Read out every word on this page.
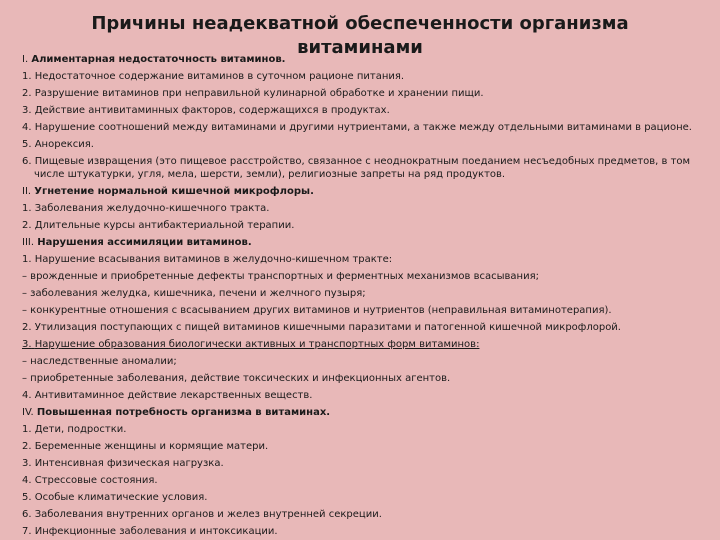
Причины неадекватной обеспеченности организма витаминами
I. Алиментарная недостаточность витаминов.
1. Недостаточное содержание витаминов в суточном рационе питания.
2. Разрушение витаминов при неправильной кулинарной обработке и хранении пищи.
3. Действие антивитаминных факторов, содержащихся в продуктах.
4. Нарушение соотношений между витаминами и другими нутриентами, а также между отдельными витаминами в рационе.
5. Анорексия.
6. Пищевые извращения (это пищевое расстройство, связанное с неоднократным поеданием несъедобных предметов, в том
числе штукатурки, угля, мела, шерсти, земли), религиозные запреты на ряд продуктов.
II. Угнетение нормальной кишечной микрофлоры.
1. Заболевания желудочно-кишечного тракта.
2. Длительные курсы антибактериальной терапии.
III. Нарушения ассимиляции витаминов.
1. Нарушение всасывания витаминов в желудочно-кишечном тракте:
– врожденные и приобретенные дефекты транспортных и ферментных механизмов всасывания;
– заболевания желудка, кишечника, печени и желчного пузыря;
– конкурентные отношения с всасыванием других витаминов и нутриентов (неправильная витаминотерапия).
2. Утилизация поступающих с пищей витаминов кишечными паразитами и патогенной кишечной микрофлорой.
3. Нарушение образования биологически активных и транспортных форм витаминов:
– наследственные аномалии;
– приобретенные заболевания, действие токсических и инфекционных агентов.
4. Антивитаминное действие лекарственных веществ.
IV. Повышенная потребность организма в витаминах.
1. Дети, подростки.
2. Беременные женщины и кормящие матери.
3. Интенсивная физическая нагрузка.
4. Стрессовые состояния.
5. Особые климатические условия.
6. Заболевания внутренних органов и желез внутренней секреции.
7. Инфекционные заболевания и интоксикации.
